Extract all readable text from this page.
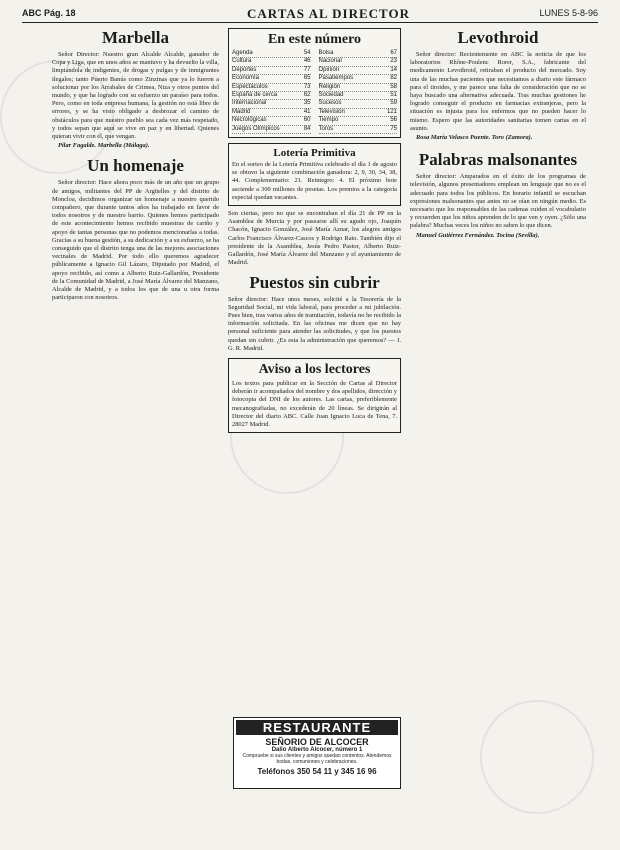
ABC Pág. 18	CARTAS AL DIRECTOR	LUNES 5-8-96
Marbella

Señor Director: Nuestro gran Alcalde Alcalde, ganador de Copa y Liga, que en unos años se mantuvo y ha devuelto la villa, limpiándola de indigentes, de drogas y pulgas y de inmigrantes ilegales; tanto Puerto Banús como Zinzinas que ya lo fueron a solucionar por los Arrabales de Crimea, Niza y otros puntos del mundo, y que ha logrado con su esfuerzo un paraíso para todos. Pero, como en toda empresa humana, la gestión no está libre de errores, y se ha visto obligado a desbrozar el camino de obstáculos para que nuestro pueblo sea cada vez más respetado, y todos sepan que aquí se vive en paz y en libertad. Quienes quieran vivir con él, que vengan.

Pilar Fagalde. Marbella (Málaga).

Un homenaje

Señor director: Hace ahora poco más de un año que un grupo de amigos, militantes del PP de Argüelles y del distrito de Moncloa, decidimos organizar un homenaje a nuestro querido compañero, que durante tantos años ha trabajado en favor de todos nosotros y de nuestro barrio. Quienes hemos participado de este acontecimiento hemos recibido muestras de cariño y apoyo de tantas personas que no podemos mencionarlas a todas. Gracias a su buena gestión, a su dedicación y a su esfuerzo, se ha conseguido que el distrito tenga una de las mejores asociaciones vecinales de Madrid. Por todo ello queremos agradecer públicamente a Ignacio Gil Lázaro, Diputado por Madrid, el apoyo recibido, así como a Alberto Ruiz-Gallardón, Presidente de la Comunidad de Madrid, a José María Álvarez del Manzano, Alcalde de Madrid, y a todos los que de una u otra forma participaron con nosotros.

En este número
Agenda	54 Bolsa	67
Cultura	46 Nacional	23
Deportes	77 Opinión	14
Economía	65 Pasatiempos	82
Espectáculos	73 Religión	58
España de cerca	62 Sociedad	51
Internacional	35 Sucesos	59
Madrid	41 Televisión	121
Necrológicas	60 Tiempo	56
Juegos Olímpicos	84 Toros	75
Lotería Primitiva
En el sorteo de la Lotería Primitiva celebrado el día 1 de agosto se obtuvo la siguiente combinación ganadora: 2, 9, 30, 34, 38, 44. Complementario: 21. Reintegro: 4. El próximo bote asciende a 300 millones de pesetas. Los premios a la categoría especial quedan vacantes.
Son ciertas, pero no que se encontraban el día 21 de PP en la Asamblea de Murcia y por pasearse allí su agudo ojo, Joaquín Chacón, Ignacio González, José María Aznar, los alegres amigos Carlos Francisco Álvarez-Cascos y Rodrigo Rato. También dijo el presidente de la Asamblea, Jesús Pedro Pastor, Alberto Ruiz-Gallardón, José María Álvarez del Manzano y el ayuntamiento de Madrid.
Puestos sin cubrir
Señor director: Hace unos meses, solicité a la Tesorería de la Seguridad Social, mi vida laboral, para proceder a mi jubilación. Pues bien, tras varios años de tramitación, todavía no he recibido la información solicitada. En las oficinas me dicen que no hay personal suficiente para atender las solicitudes, y que los puestos quedan sin cubrir. ¿Es esta la administración que queremos? — J. G. R. Madrid.
Aviso a los lectores
Los textos para publicar en la Sección de Cartas al Director deberán ir acompañados del nombre y dos apellidos, dirección y fotocopia del DNI de los autores. Las cartas, preferiblemente mecanografiadas, no excederán de 20 líneas. Se dirigirán al Director del diario ABC. Calle Juan Ignacio Luca de Tena, 7. 28027 Madrid.
RESTAURANTE
SEÑORIO DE ALCOCER
Dalio Alberto Alcocer, número 1
Compruebe si sus clientes y amigos quedan contentos. Atendemos bodas, comuniones y celebraciones.
Teléfonos 350 54 11 y 345 16 96
Levothroid

Señor director: Recientemente en ABC la noticia de que los laboratorios Rhône-Poulenc Rorer, S.A., fabricante del medicamento Levothroid, retiraban el producto del mercado. Soy una de las muchas pacientes que necesitamos a diario este fármaco para el tiroides, y me parece una falta de consideración que no se haya buscado una alternativa adecuada. Tras muchas gestiones he logrado conseguir el producto en farmacias extranjeras, pero la situación es injusta para los enfermos que no pueden hacer lo mismo. Espero que las autoridades sanitarias tomen cartas en el asunto.

Rosa María Velasco Puente. Toro (Zamora).

Palabras malsonantes

Señor director: Amparados en el éxito de los programas de televisión, algunos presentadores emplean un lenguaje que no es el adecuado para todos los públicos. En horario infantil se escuchan expresiones malsonantes que antes no se oían en ningún medio. Es necesario que los responsables de las cadenas cuiden el vocabulario y recuerden que los niños aprenden de lo que ven y oyen. ¿Sólo una palabra? Muchas veces los niños no saben lo que dicen.

Manuel Gutiérrez Fernández. Tocina (Sevilla).
